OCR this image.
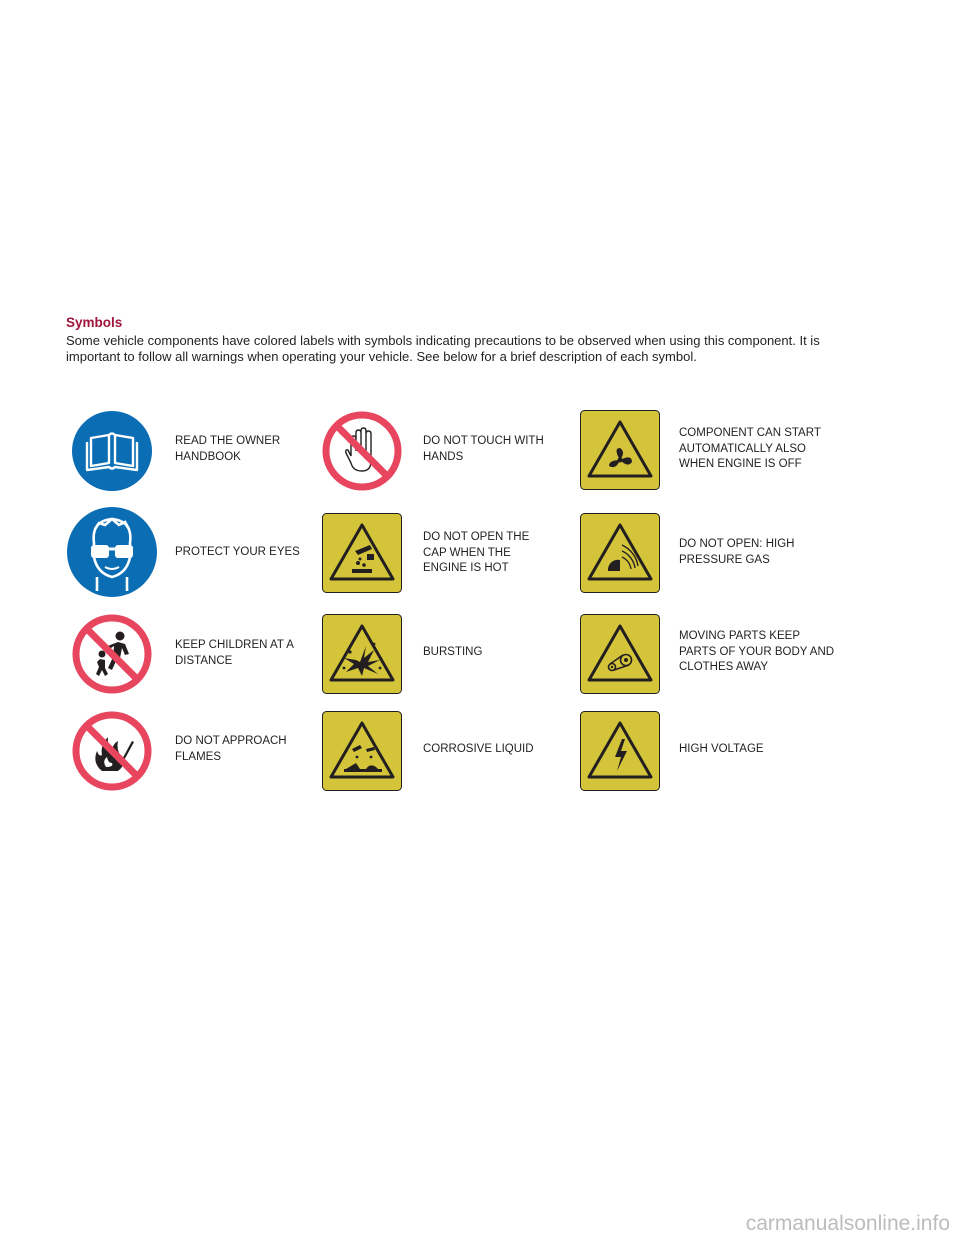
Symbols
Some vehicle components have colored labels with symbols indicating precautions to be observed when using this component. It is important to follow all warnings when operating your vehicle. See below for a brief description of each symbol.
READ THE OWNER HANDBOOK
DO NOT TOUCH WITH HANDS
COMPONENT CAN START AUTOMATICALLY ALSO WHEN ENGINE IS OFF
PROTECT YOUR EYES
DO NOT OPEN THE CAP WHEN THE ENGINE IS HOT
DO NOT OPEN: HIGH PRESSURE GAS
KEEP CHILDREN AT A DISTANCE
BURSTING
MOVING PARTS KEEP PARTS OF YOUR BODY AND CLOTHES AWAY
DO NOT APPROACH FLAMES
CORROSIVE LIQUID	HIGH VOLTAGE
carmanualsonline.info
